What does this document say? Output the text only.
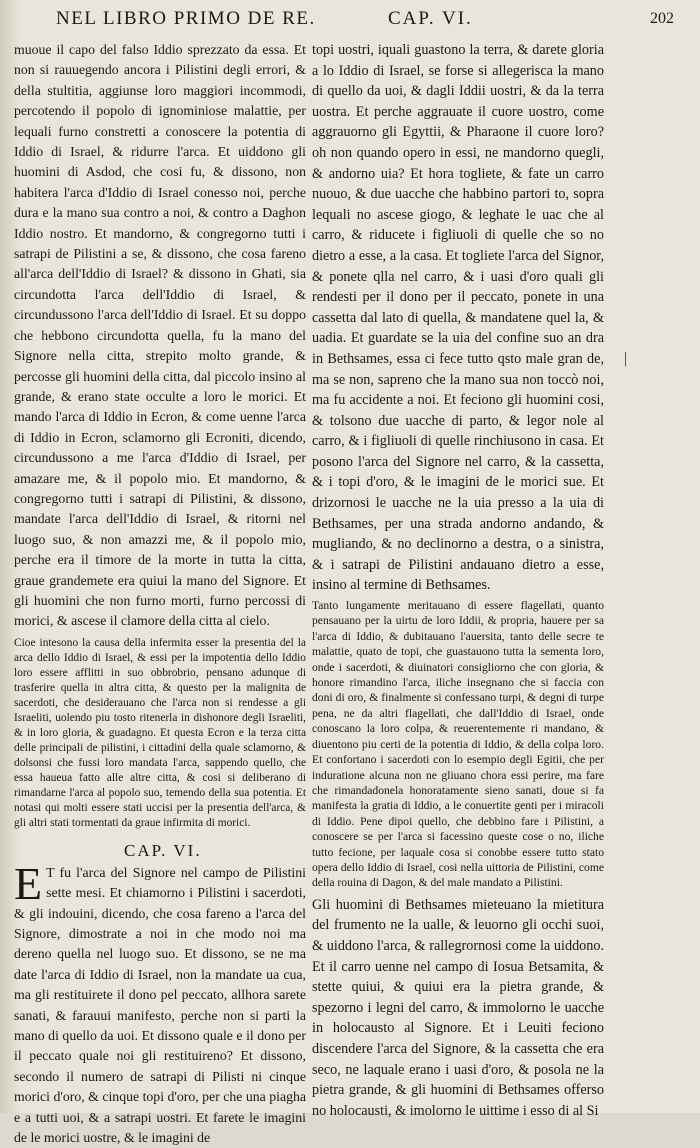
NEL LIBRO PRIMO DE RE.	CAP. VI.	202

muoue il capo del falso Iddio sprezzato da essa. Et non si rauuegendo ancora i Pilistini degli errori, & della stultitia, aggiunse loro maggiori incommodi, percotendo il popolo di ignominiose malattie, per lequali furno constretti a conoscere la potentia di Iddio di Israel, & ridurre l'arca. Et uiddono gli huomini di Asdod, che cosi fu, & dissono, non habitera l'arca d'Iddio di Israel conesso noi, perche dura e la mano sua contro a noi, & contro a Daghon Iddio nostro. Et mandorno, & congregorno tutti i satrapi de Pilistini a se, & dissono, che cosa fareno all'arca dell'Iddio di Israel? & dissono in Ghati, sia circundotta l'arca dell'Iddio di Israel, & circundussono l'arca dell'Iddio di Israel. Et su doppo che hebbono circundotta quella, fu la mano del Signore nella citta, strepito molto grande, & percosse gli huomini della citta, dal piccolo insino al grande, & erano state occulte a loro le morici. Et mando l'arca di Iddio in Ecron, & come uenne l'arca di Iddio in Ecron, sclamorno gli Ecroniti, dicendo, circundussono a me l'arca d'Iddio di Israel, per amazare me, & il popolo mio. Et mandorno, & congregorno tutti i satrapi di Pilistini, & dissono, mandate l'arca dell'Iddio di Israel, & ritorni nel luogo suo, & non amazzi me, & il popolo mio, perche era il timore de la morte in tutta la citta, graue grandemete era quiui la mano del Signore. Et gli huomini che non furno morti, furno percossi di morici, & ascese il clamore della citta al cielo.

Cioe intesono la causa della infermita esser la presentia del la arca dello Iddio di Israel, & essi per la impotentia dello Iddio loro essere afflitti in suo obbrobrio, pensano adunque di trasferire quella in altra citta, & questo per la malignita de sacerdoti, che desiderauano che l'arca non si rendesse a gli Israeliti, uolendo piu tosto ritenerla in dishonore degli Israeliti, & in loro gloria, & guadagno. Et questa Ecron e la terza citta delle principali de pilistini, i cittadini della quale sclamorno, & dolsonsi che fussi loro mandata l'arca, sappendo quello, che essa haueua fatto alle altre citta, & cosi si deliberano di rimandarne l'arca al popolo suo, temendo della sua potentia. Et notasi qui molti essere stati uccisi per la presentia dell'arca, & gli altri stati tormentati da graue infirmita di morici.

CAP. VI.

E T fu l'arca del Signore nel campo de Pilistini sette mesi. Et chiamorno i Pilistini i sacerdoti, & gli indouini, dicendo, che cosa fareno a l'arca del Signore, dimostrate a noi in che modo noi ma dereno quella nel luogo suo. Et dissono, se ne ma date l'arca di Iddio di Israel, non la mandate ua cua, ma gli restituirete il dono pel peccato, allhora sarete sanati, & farauui manifesto, perche non si parti la mano di quello da uoi. Et dissono quale e il dono per il peccato quale noi gli restituireno? Et dissono, secondo il numero de satrapi di Pilisti ni cinque morici d'oro, & cinque topi d'oro, per che una piagha e a tutti uoi, & a satrapi uostri. Et farete le imagini de le morici uostre, & le imagini de

topi uostri, iquali guastono la terra, & darete gloria a lo Iddio di Israel, se forse si allegerisca la mano di quello da uoi, & dagli Iddii uostri, & da la terra uostra. Et perche aggrauate il cuore uostro, come aggrauorno gli Egyttii, & Pharaone il cuore loro? oh non quando opero in essi, ne mandorno quegli, & andorno uia? Et hora togliete, & fate un carro nuouo, & due uacche che habbino partori to, sopra lequali no ascese giogo, & leghate le uac che al carro, & riducete i figliuoli di quelle che so no dietro a esse, a la casa. Et togliete l'arca del Signor, & ponete qlla nel carro, & i uasi d'oro quali gli rendesti per il dono per il peccato, ponete in una cassetta dal lato di quella, & mandatene quel la, & uadia. Et guardate se la uia del confine suo an dra in Bethsames, essa ci fece tutto qsto male gran de, ma se non, sapreno che la mano sua non toccò noi, ma fu accidente a noi. Et feciono gli huomini cosi, & tolsono due uacche di parto, & legor nole al carro, & i figliuoli di quelle rinchiusono in casa. Et posono l'arca del Signore nel carro, & la cassetta, & i topi d'oro, & le imagini de le morici sue. Et drizornosi le uacche ne la uia presso a la uia di Bethsames, per una strada andorno andando, & mugliando, & no declinorno a destra, o a sinistra, & i satrapi de Pilistini andauano dietro a esse, insino al termine di Bethsames.

Tanto lungamente meritauano di essere flagellati, quanto pensauano per la uirtu de loro Iddii, & propria, hauere per sa l'arca di Iddio, & dubitauano l'auersita, tanto delle secre te malattie, quato de topi, che guastauono tutta la sementa loro, onde i sacerdoti, & diuinatori consigliorno che con gloria, & honore rimandino l'arca, iliche insegnano che si faccia con doni di oro, & finalmente si confessano turpi, & degni di turpe pena, ne da altri flagellati, che dall'Iddio di Israel, onde conoscano la loro colpa, & reuerentemente ri mandano, & diuentono piu certi de la potentia di Iddio, & della colpa loro. Et confortano i sacerdoti con lo esempio degli Egitii, che per induratione alcuna non ne gliuano chora essi perire, ma fare che rimandadonela honoratamente sieno sanati, doue si fa manifesta la gratia di Iddio, a le conuertite genti per i miracoli di Iddio. Pene dipoi quello, che debbino fare i Pilistini, a conoscere se per l'arca si facessino queste cose o no, iliche tutto fecione, per laquale cosa si conobbe essere tutto stato opera dello Iddio di Israel, cosi nella uittoria de Pilistini, come della rouina di Dagon, & del male mandato a Pilistini.

Gli huomini di Bethsames mieteuano la mietitura del frumento ne la ualle, & leuorno gli occhi suoi, & uiddono l'arca, & rallegrornosi come la uiddono. Et il carro uenne nel campo di Iosua Betsamita, & stette quiui, & quiui era la pietra grande, & spezorno i legni del carro, & immolorno le uacche in holocausto al Signore. Et i Leuiti feciono discendere l'arca del Signore, & la cassetta che era seco, ne laquale erano i uasi d'oro, & posola ne la pietra grande, & gli huomini di Bethsames offerso no holocausti, & imolorno le uittime i esso di al Si

|
